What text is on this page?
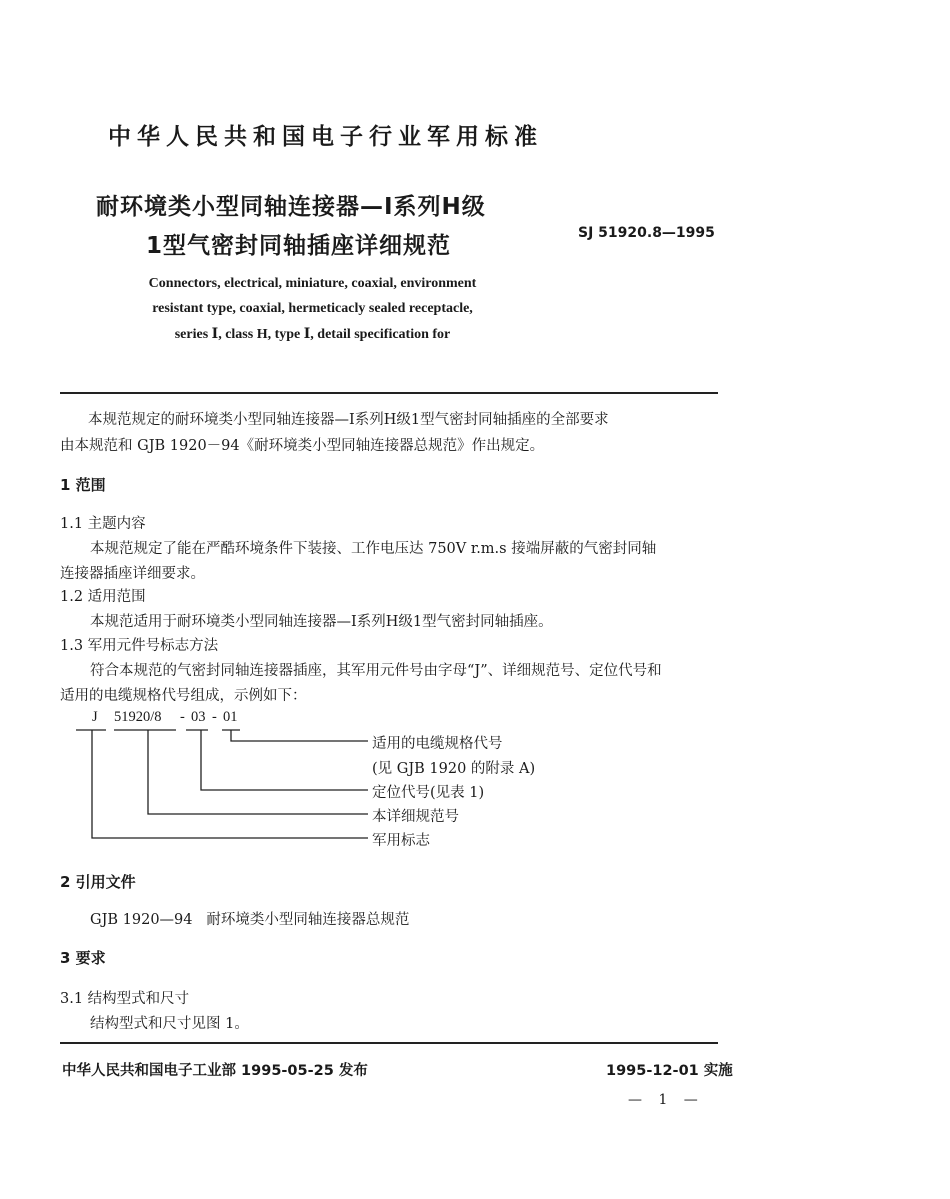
中华人民共和国电子行业军用标准
耐环境类小型同轴连接器—Ⅰ系列H级
1型气密封同轴插座详细规范	SJ 51920.8—1995
Connectors, electrical, miniature, coaxial, environment
resistant type, coaxial, hermeticacly sealed receptacle,
series Ⅰ, class H, type Ⅰ, detail specification for
本规范规定的耐环境类小型同轴连接器—Ⅰ系列H级1型气密封同轴插座的全部要求
由本规范和 GJB 1920－94《耐环境类小型同轴连接器总规范》作出规定。
1 范围
1.1 主题内容
本规范规定了能在严酷环境条件下装接、工作电压达 750V r.m.s 接端屏蔽的气密封同轴
连接器插座详细要求。
1.2 适用范围
本规范适用于耐环境类小型同轴连接器—Ⅰ系列H级1型气密封同轴插座。
1.3 军用元件号标志方法
符合本规范的气密封同轴连接器插座，其军用元件号由字母“J”、详细规范号、定位代号和
适用的电缆规格代号组成，示例如下：
J 51920/8 - 03 - 01
适用的电缆规格代号
(见 GJB 1920 的附录 A)
定位代号(见表 1)
本详细规范号
军用标志
2 引用文件
GJB 1920—94   耐环境类小型同轴连接器总规范
3 要求
3.1 结构型式和尺寸
结构型式和尺寸见图 1。
中华人民共和国电子工业部 1995-05-25 发布	1995-12-01 实施
— 1 —
